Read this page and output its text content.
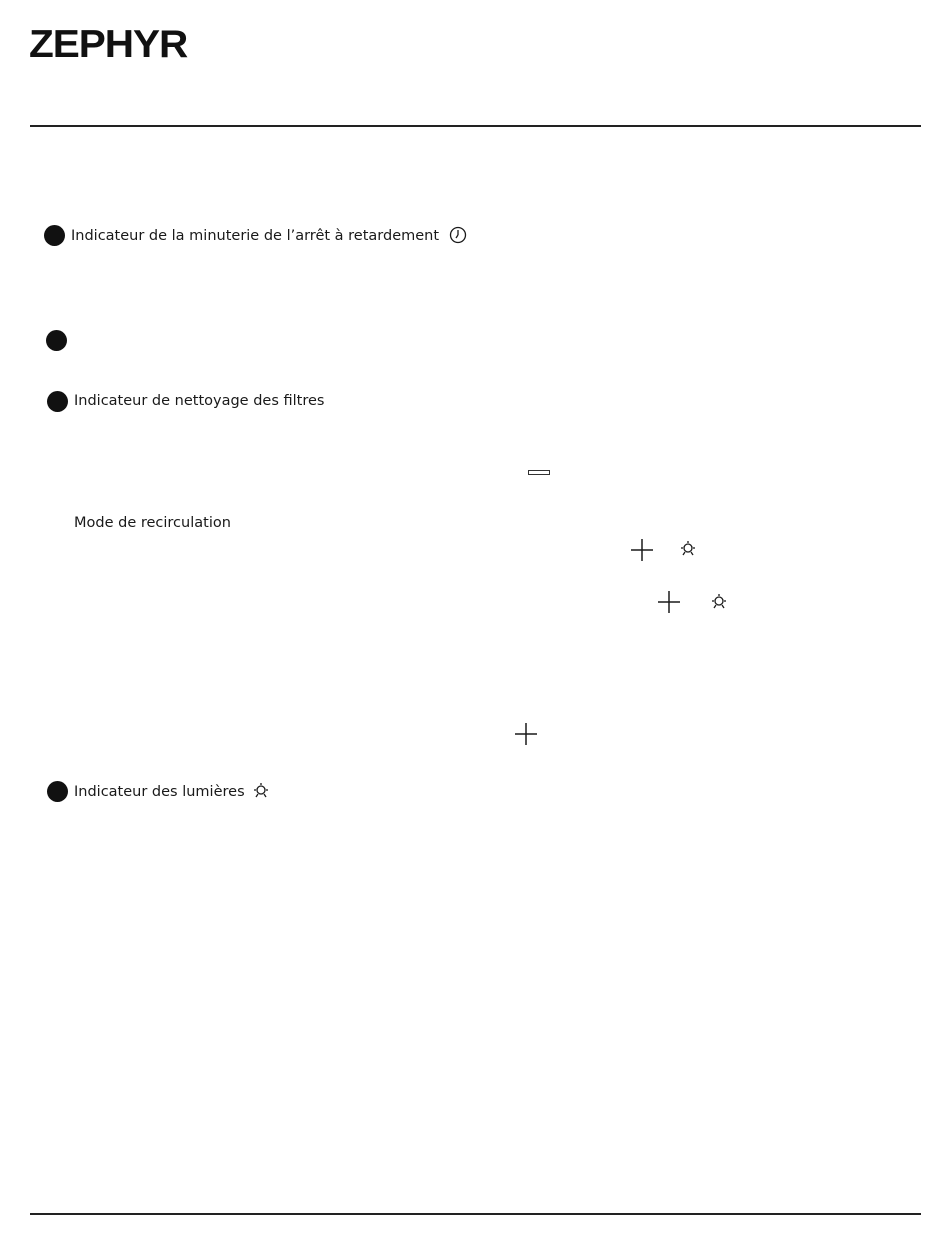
ZEPHYR
Indicateur de la minuterie de l’arrêt à retardement
Indicateur de nettoyage des filtres
Mode de recirculation
Indicateur des lumières
